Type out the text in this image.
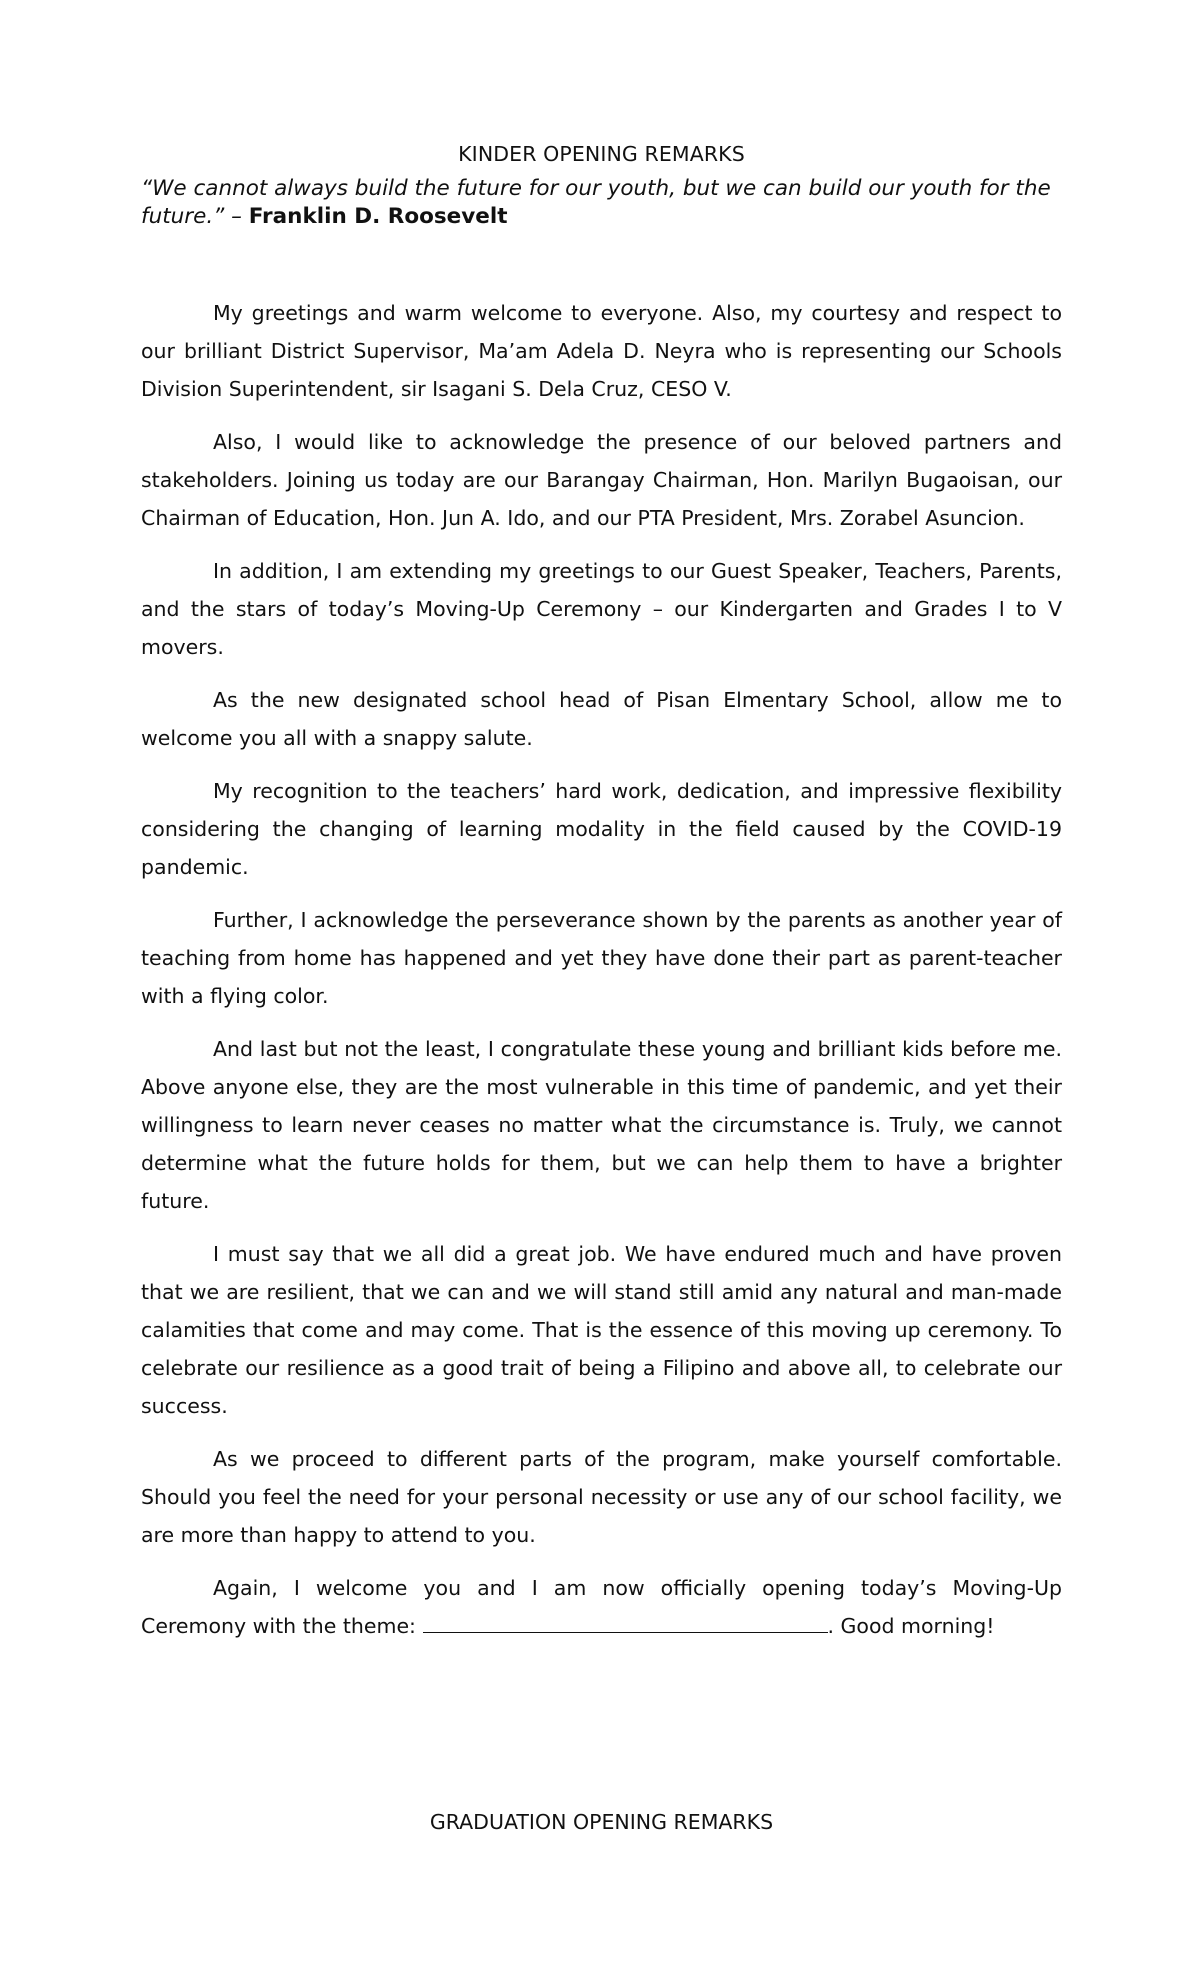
KINDER OPENING REMARKS
“We cannot always build the future for our youth, but we can build our youth for the future.” – Franklin D. Roosevelt

My greetings and warm welcome to everyone. Also, my courtesy and respect to our brilliant District Supervisor, Ma’am Adela D. Neyra who is representing our Schools Division Superintendent, sir Isagani S. Dela Cruz, CESO V.

Also, I would like to acknowledge the presence of our beloved partners and stakeholders. Joining us today are our Barangay Chairman, Hon. Marilyn Bugaoisan, our Chairman of Education, Hon. Jun A. Ido, and our PTA President, Mrs. Zorabel Asuncion.

In addition, I am extending my greetings to our Guest Speaker, Teachers, Parents, and the stars of today’s Moving-Up Ceremony – our Kindergarten and Grades I to V movers.

As the new designated school head of Pisan Elmentary School, allow me to welcome you all with a snappy salute.

My recognition to the teachers’ hard work, dedication, and impressive flexibility considering the changing of learning modality in the field caused by the COVID-19 pandemic.

Further, I acknowledge the perseverance shown by the parents as another year of teaching from home has happened and yet they have done their part as parent-teacher with a flying color.

And last but not the least, I congratulate these young and brilliant kids before me. Above anyone else, they are the most vulnerable in this time of pandemic, and yet their willingness to learn never ceases no matter what the circumstance is. Truly, we cannot determine what the future holds for them, but we can help them to have a brighter future.

I must say that we all did a great job. We have endured much and have proven that we are resilient, that we can and we will stand still amid any natural and man-made calamities that come and may come. That is the essence of this moving up ceremony. To celebrate our resilience as a good trait of being a Filipino and above all, to celebrate our success.

As we proceed to different parts of the program, make yourself comfortable. Should you feel the need for your personal necessity or use any of our school facility, we are more than happy to attend to you.

Again, I welcome you and I am now officially opening today’s Moving-Up Ceremony with the theme:	. Good morning!

GRADUATION OPENING REMARKS
